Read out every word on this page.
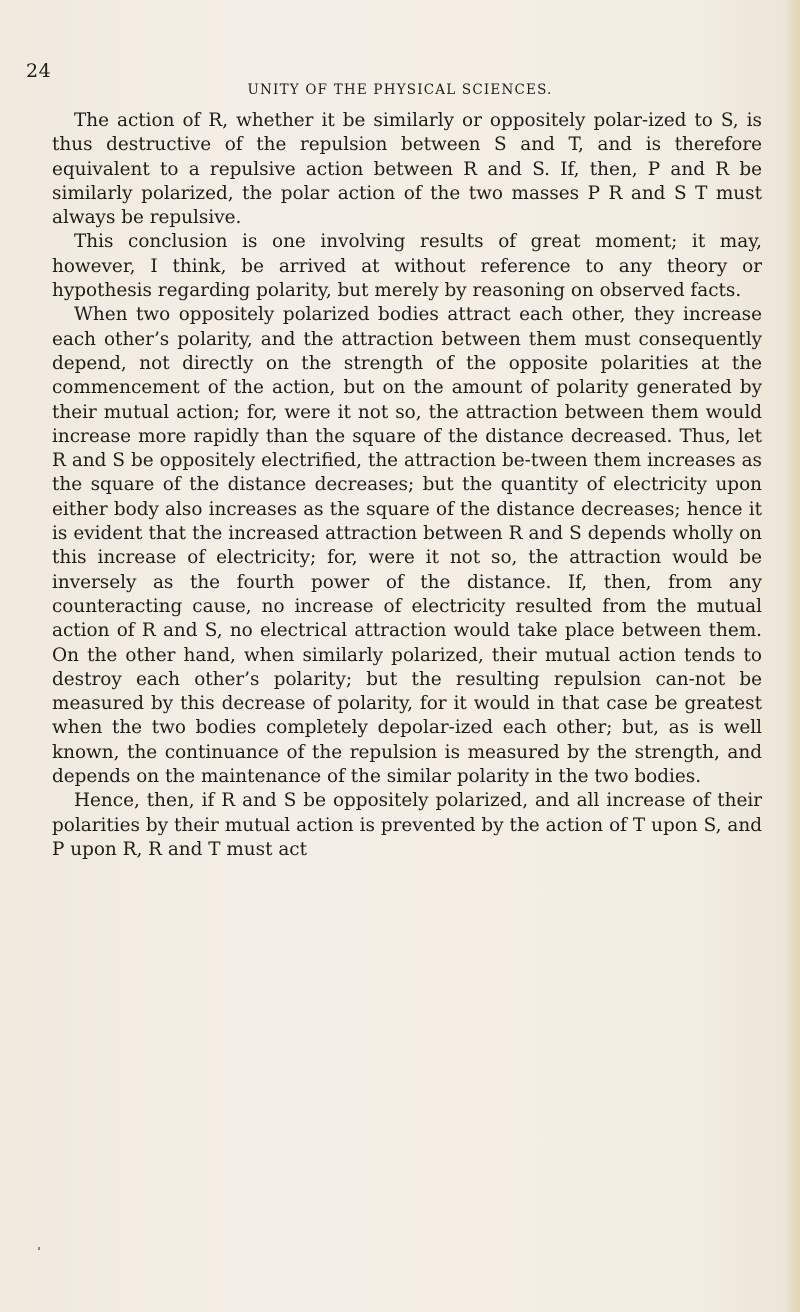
24
UNITY OF THE PHYSICAL SCIENCES.

The action of R, whether it be similarly or oppositely polar-ized to S, is thus destructive of the repulsion between S and T, and is therefore equivalent to a repulsive action between R and S. If, then, P and R be similarly polarized, the polar action of the two masses P R and S T must always be repulsive.

This conclusion is one involving results of great moment; it may, however, I think, be arrived at without reference to any theory or hypothesis regarding polarity, but merely by reasoning on observed facts.

When two oppositely polarized bodies attract each other, they increase each other’s polarity, and the attraction between them must consequently depend, not directly on the strength of the opposite polarities at the commencement of the action, but on the amount of polarity generated by their mutual action; for, were it not so, the attraction between them would increase more rapidly than the square of the distance decreased. Thus, let R and S be oppositely electrified, the attraction be-tween them increases as the square of the distance decreases; but the quantity of electricity upon either body also increases as the square of the distance decreases; hence it is evident that the increased attraction between R and S depends wholly on this increase of electricity; for, were it not so, the attraction would be inversely as the fourth power of the distance. If, then, from any counteracting cause, no increase of electricity resulted from the mutual action of R and S, no electrical attraction would take place between them. On the other hand, when similarly polarized, their mutual action tends to destroy each other’s polarity; but the resulting repulsion can-not be measured by this decrease of polarity, for it would in that case be greatest when the two bodies completely depolar-ized each other; but, as is well known, the continuance of the repulsion is measured by the strength, and depends on the maintenance of the similar polarity in the two bodies.

Hence, then, if R and S be oppositely polarized, and all increase of their polarities by their mutual action is prevented by the action of T upon S, and P upon R, R and T must act
